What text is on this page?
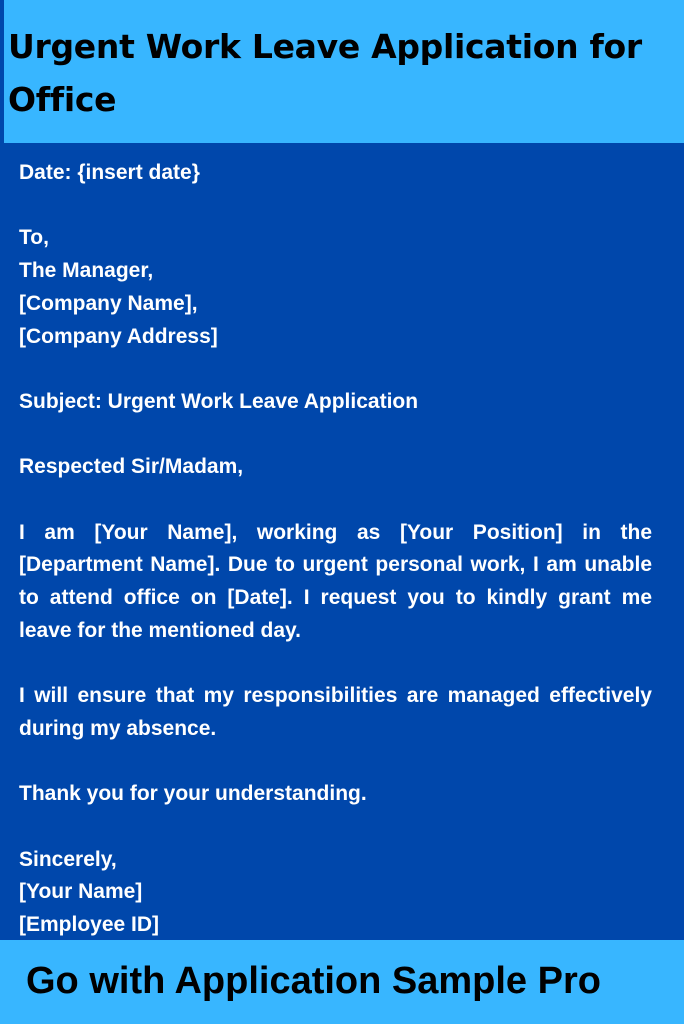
Urgent Work Leave Application for Office

Date: {insert date}

To,

The Manager,

[Company Name],

[Company Address]

Subject: Urgent Work Leave Application

Respected Sir/Madam,

I am [Your Name], working as [Your Position] in the [Department Name]. Due to urgent personal work, I am unable to attend office on [Date]. I request you to kindly grant me leave for the mentioned day.

I will ensure that my responsibilities are managed effectively during my absence.

Thank you for your understanding.

Sincerely,

[Your Name]

[Employee ID]

Go with Application Sample Pro
